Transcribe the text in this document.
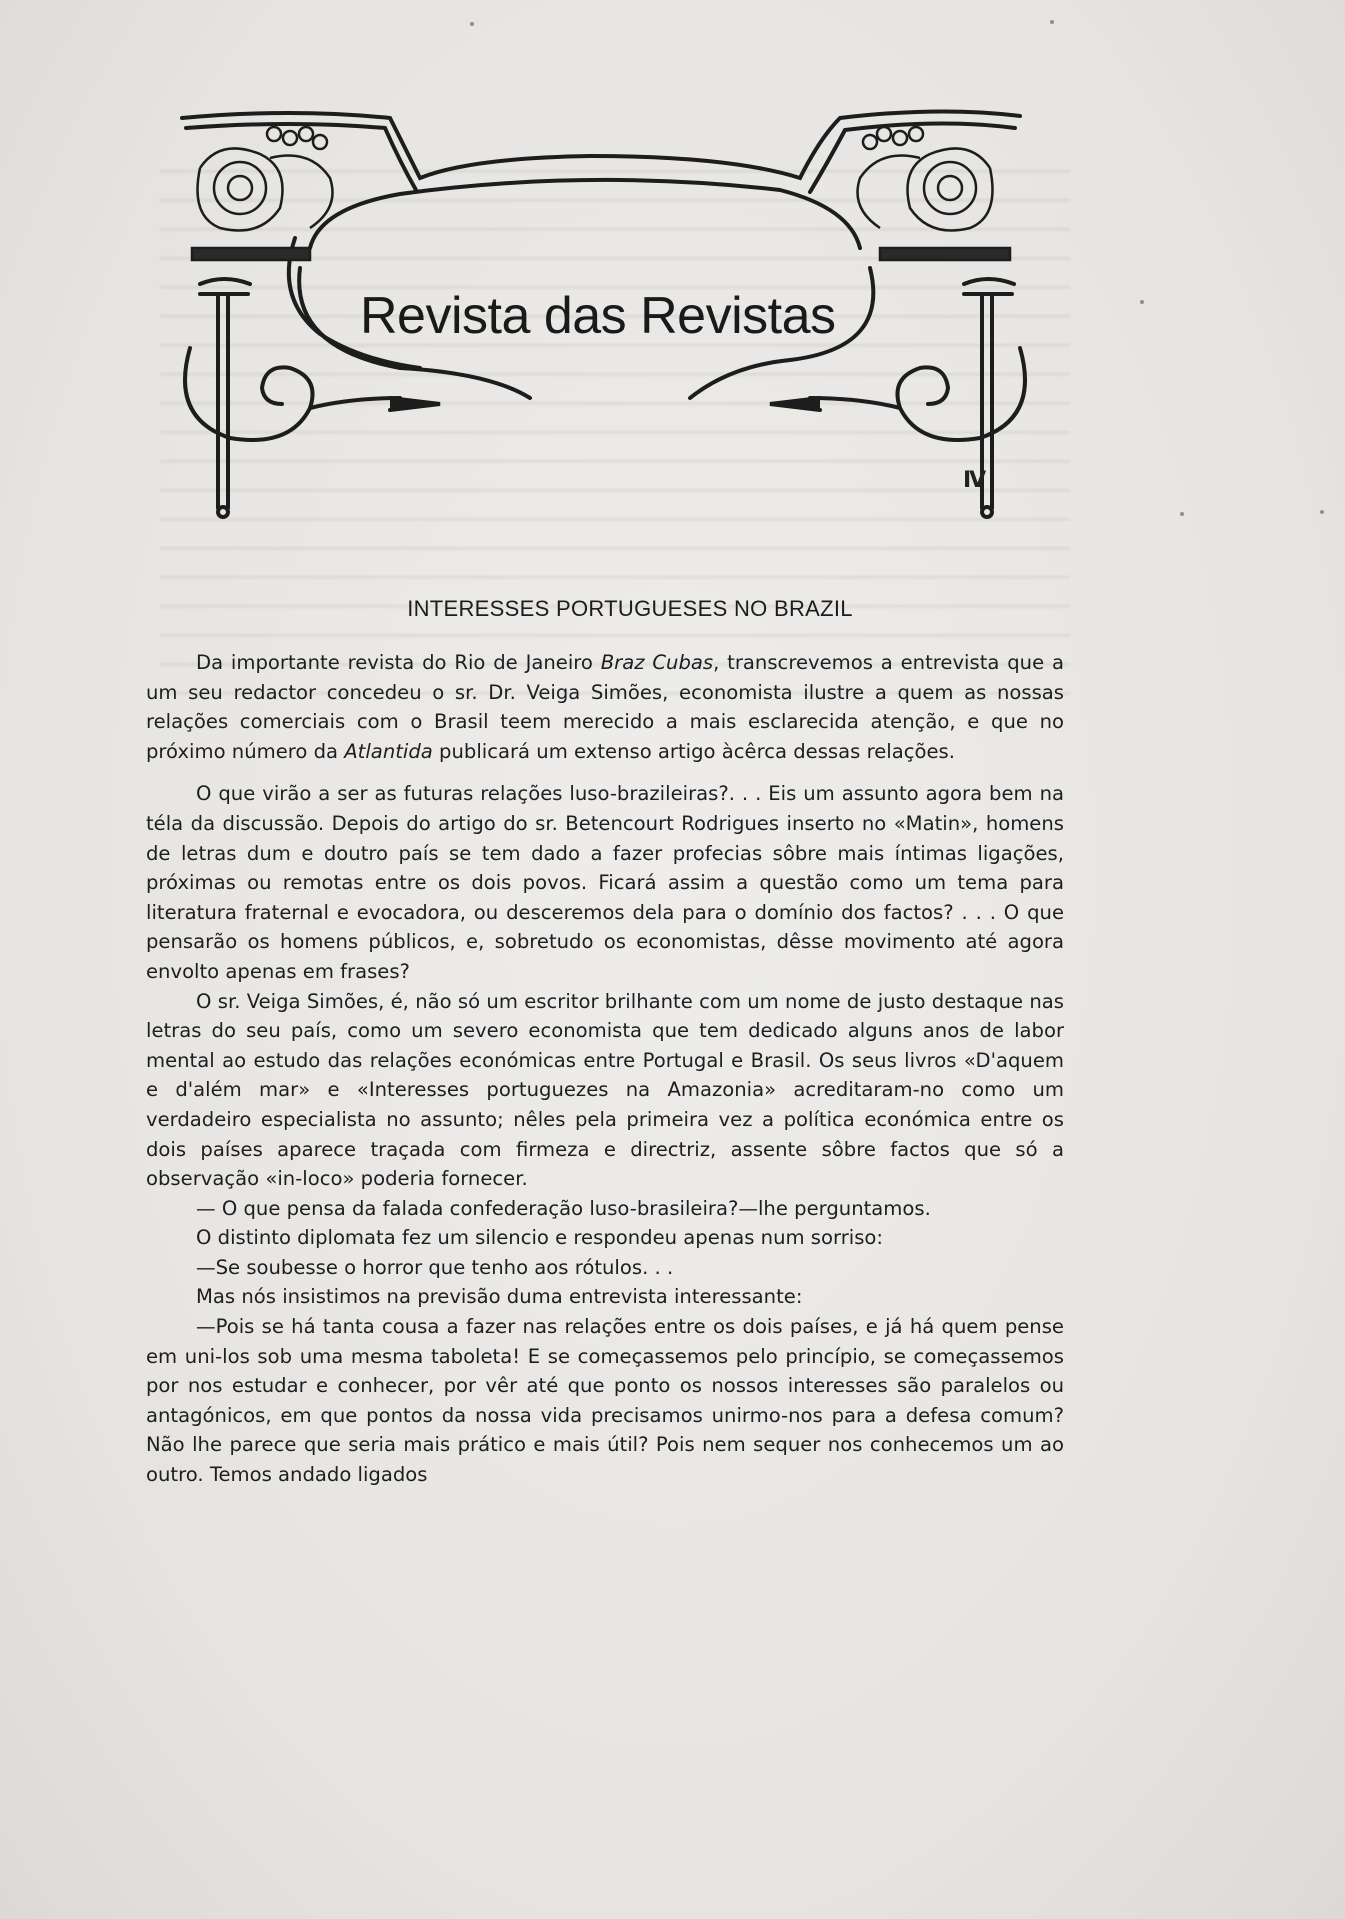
Revista das Revistas
IV
INTERESSES PORTUGUESES NO BRAZIL

Da importante revista do Rio de Janeiro Braz Cubas, transcrevemos a entrevista que a um seu redactor concedeu o sr. Dr. Veiga Simões, economista ilustre a quem as nossas relações comerciais com o Brasil teem merecido a mais esclarecida atenção, e que no próximo número da Atlantida publicará um extenso artigo àcêrca dessas relações.

O que virão a ser as futuras relações luso-brazileiras?. . . Eis um assunto agora bem na téla da discussão. Depois do artigo do sr. Betencourt Rodrigues inserto no «Matin», homens de letras dum e doutro país se tem dado a fazer profecias sôbre mais íntimas ligações, próximas ou remotas entre os dois povos. Ficará assim a questão como um tema para literatura fraternal e evocadora, ou desceremos dela para o domínio dos factos? . . . O que pensarão os homens públicos, e, sobretudo os economistas, dêsse movimento até agora envolto apenas em frases?

O sr. Veiga Simões, é, não só um escritor brilhante com um nome de justo destaque nas letras do seu país, como um severo economista que tem dedicado alguns anos de labor mental ao estudo das relações económicas entre Portugal e Brasil. Os seus livros «D'aquem e d'além mar» e «Interesses portuguezes na Amazonia» acreditaram-no como um verdadeiro especialista no assunto; nêles pela primeira vez a política económica entre os dois países aparece traçada com firmeza e directriz, assente sôbre factos que só a observação «in-loco» poderia fornecer.

— O que pensa da falada confederação luso-brasileira?—lhe perguntamos.

O distinto diplomata fez um silencio e respondeu apenas num sorriso:

—Se soubesse o horror que tenho aos rótulos. . .

Mas nós insistimos na previsão duma entrevista interessante:

—Pois se há tanta cousa a fazer nas relações entre os dois países, e já há quem pense em uni-los sob uma mesma taboleta! E se começassemos pelo princípio, se começassemos por nos estudar e conhecer, por vêr até que ponto os nossos interesses são paralelos ou antagónicos, em que pontos da nossa vida precisamos unirmo-nos para a defesa comum? Não lhe parece que seria mais prático e mais útil? Pois nem sequer nos conhecemos um ao outro. Temos andado ligados
